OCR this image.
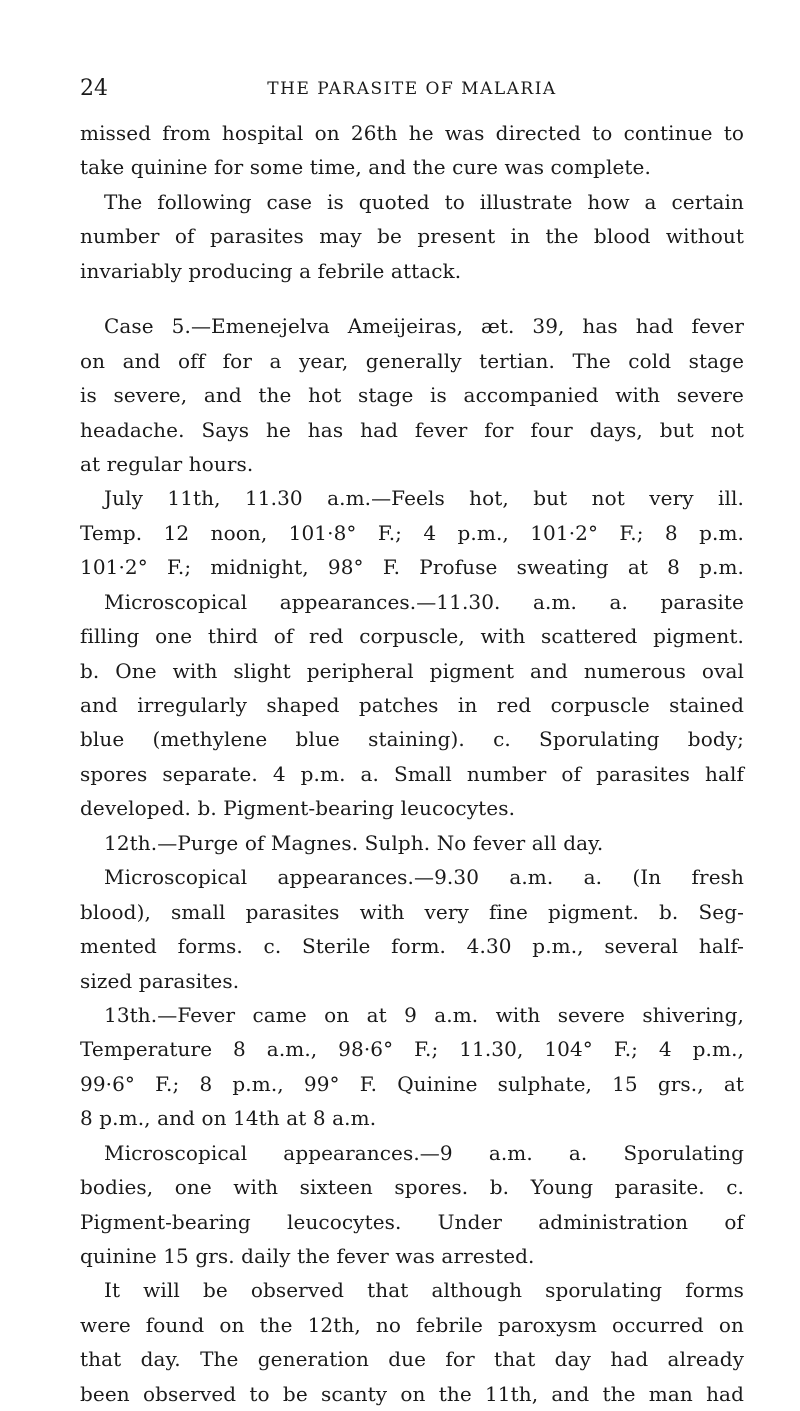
24	THE PARASITE OF MALARIA
missed from hospital on 26th he was directed to continue to
take quinine for some time, and the cure was complete.
The following case is quoted to illustrate how a certain
number of parasites may be present in the blood without
invariably producing a febrile attack.
Case 5.—Emenejelva Ameijeiras, æt. 39, has had fever
on and off for a year, generally tertian. The cold stage
is severe, and the hot stage is accompanied with severe
headache. Says he has had fever for four days, but not
at regular hours.
July 11th, 11.30 a.m.—Feels hot, but not very ill.
Temp. 12 noon, 101·8° F.; 4 p.m., 101·2° F.; 8 p.m.
101·2° F.; midnight, 98° F. Profuse sweating at 8 p.m.
Microscopical appearances.—11.30. a.m. a. parasite
filling one third of red corpuscle, with scattered pigment.
b. One with slight peripheral pigment and numerous oval
and irregularly shaped patches in red corpuscle stained
blue (methylene blue staining). c. Sporulating body;
spores separate. 4 p.m. a. Small number of parasites half
developed. b. Pigment-bearing leucocytes.
12th.—Purge of Magnes. Sulph. No fever all day.
Microscopical appearances.—9.30 a.m. a. (In fresh
blood), small parasites with very fine pigment. b. Seg-
mented forms. c. Sterile form. 4.30 p.m., several half-
sized parasites.
13th.—Fever came on at 9 a.m. with severe shivering,
Temperature 8 a.m., 98·6° F.; 11.30, 104° F.; 4 p.m.,
99·6° F.; 8 p.m., 99° F. Quinine sulphate, 15 grs., at
8 p.m., and on 14th at 8 a.m.
Microscopical appearances.—9 a.m. a. Sporulating
bodies, one with sixteen spores. b. Young parasite. c.
Pigment-bearing leucocytes. Under administration of
quinine 15 grs. daily the fever was arrested.
It will be observed that although sporulating forms
were found on the 12th, no febrile paroxysm occurred on
that day. The generation due for that day had already
been observed to be scanty on the 11th, and the man had
